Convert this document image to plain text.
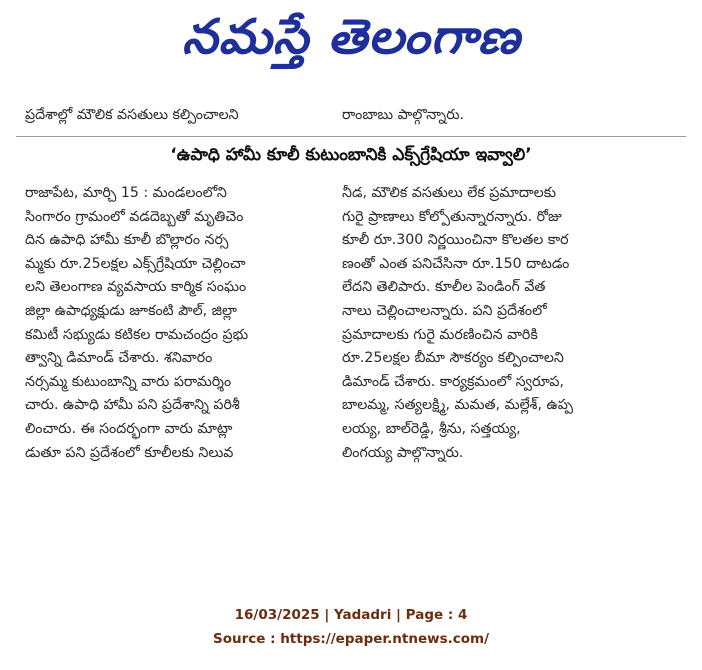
నమస్తే తెలంగాణ

ప్రదేశాల్లో మౌలిక వసతులు కల్పించాలని	రాంబాబు పాల్గొన్నారు.

‘ఉపాధి హామీ కూలీ కుటుంబానికి ఎక్స్‌గ్రేషియా ఇవ్వాలి’

రాజాపేట, మార్చి 15 : మండలంలోని

సింగారం గ్రామంలో వడదెబ్బతో మృతిచెం

దిన ఉపాధి హామీ కూలీ బొల్లారం నర్స

మ్మకు రూ.25లక్షల ఎక్స్‌గ్రేషియా చెల్లించా

లని తెలంగాణ వ్యవసాయ కార్మిక సంఘం

జిల్లా ఉపాధ్యక్షుడు జూకంటి పౌల్, జిల్లా

కమిటీ సభ్యుడు కటికల రామచంద్రం ప్రభు

త్వాన్ని డిమాండ్ చేశారు. శనివారం

నర్సమ్మ కుటుంబాన్ని వారు పరామర్శిం

చారు. ఉపాధి హామీ పని ప్రదేశాన్ని పరిశీ

లించారు. ఈ సందర్భంగా వారు మాట్లా

డుతూ పని ప్రదేశంలో కూలీలకు నిలువ

నీడ, మౌలిక వసతులు లేక ప్రమాదాలకు

గురై ప్రాణాలు కోల్పోతున్నారన్నారు. రోజు

కూలీ రూ.300 నిర్ణయించినా కొలతల కార

ణంతో ఎంత పనిచేసినా రూ.150 దాటడం

లేదని తెలిపారు. కూలీల పెండింగ్ వేత

నాలు చెల్లించాలన్నారు. పని ప్రదేశంలో

ప్రమాదాలకు గురై మరణించిన వారికి

రూ.25లక్షల బీమా సౌకర్యం కల్పించాలని

డిమాండ్ చేశారు. కార్యక్రమంలో స్వరూప,

బాలమ్మ, సత్యలక్ష్మి, మమత, మల్లేశ్, ఉప్ప

లయ్య, బాల్‌రెడ్డి, శ్రీను, సత్తయ్య,

లింగయ్య పాల్గొన్నారు.

16/03/2025 | Yadadri | Page : 4
Source : https://epaper.ntnews.com/
